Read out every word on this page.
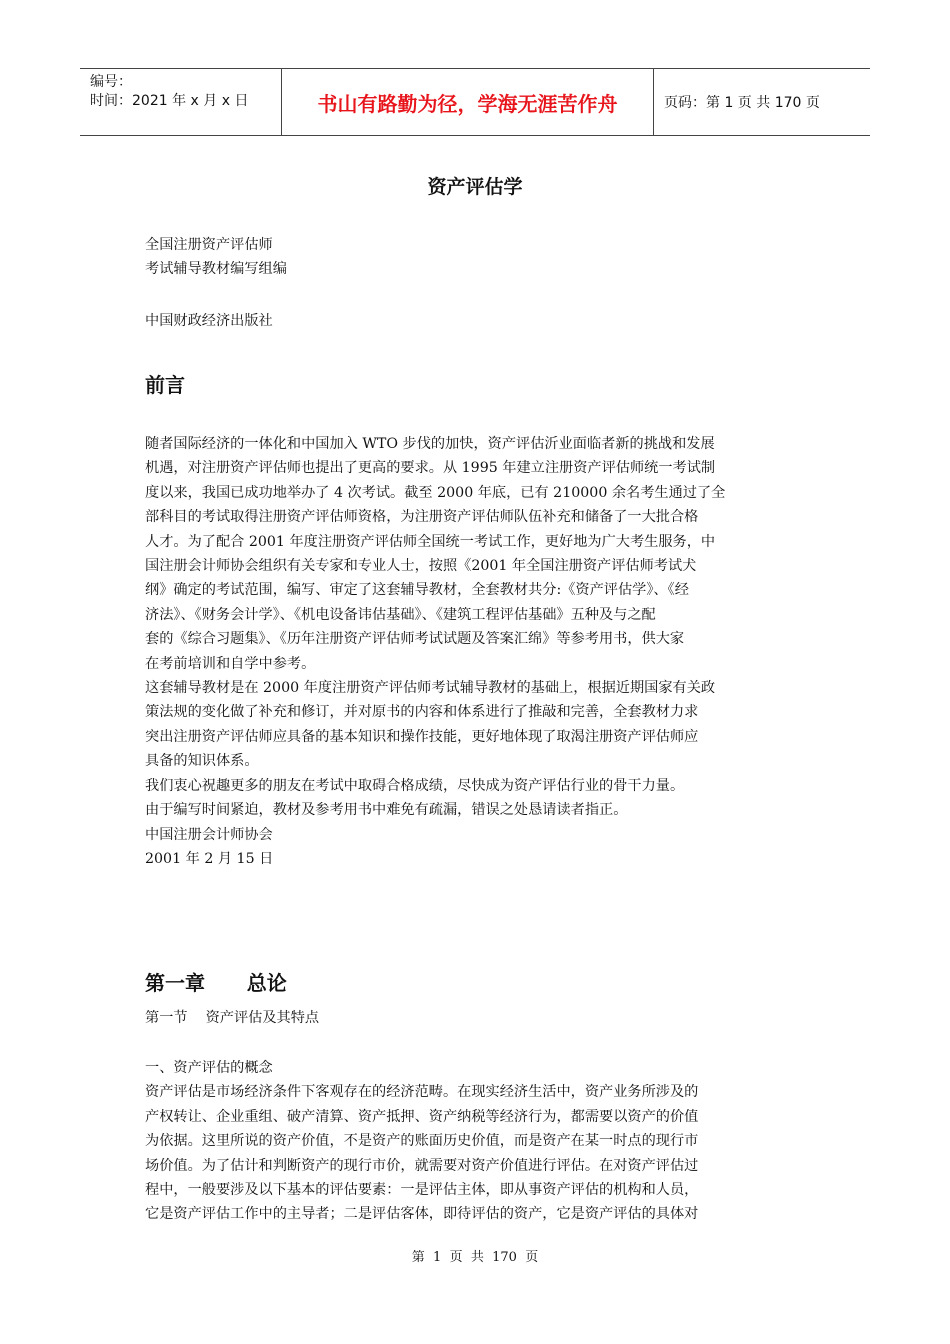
编号：
时间：2021 年 x 月 x 日	书山有路勤为径，学海无涯苦作舟	页码：第 1 页 共 170 页
资产评估学
全国注册资产评估师
考试辅导教材编写组编
中国财政经济出版社
前言
随者国际经济的一体化和中国加入 WTO 步伐的加快，资产评估沂业面临者新的挑战和发展
机遇，对注册资产评估师也提出了更高的要求。从 1995 年建立注册资产评估师统一考试制
度以来，我国已成功地举办了 4 次考试。截至 2000 年底，已有 210000 余名考生通过了全
部科目的考试取得注册资产评估师资格，为注册资产评估师队伍补充和储备了一大批合格
人才。为了配合 2001 年度注册资产评估师全国统一考试工作，更好地为广大考生服务，中
国注册会计师协会组织有关专家和专业人士，按照《2001 年全国注册资产评估师考试犬
纲》确定的考试范围，编写、审定了这套辅导教材，全套教材共分:《资产评估学》、《经
济法》、《财务会计学》、《机电设备讳估基础》、《建筑工程评估基础》五种及与之配
套的《综合习题集》、《历年注册资产评估师考试试题及答案汇绵》等参考用书，供大家
在考前培训和自学中参考。
这套辅导教材是在 2000 年度注册资产评估师考试辅导教材的基础上，根据近期国家有关政
策法规的变化做了补充和修订，并对原书的内容和体系进行了推敲和完善，全套教材力求
突出注册资产评估师应具备的基本知识和操作技能，更好地体现了取渴注册资产评估师应
具备的知识体系。
我们衷心祝趣更多的朋友在考试中取碍合格成绩，尽快成为资产评估行业的骨干力量。
由于编写时间紧迫，教材及参考用书中难免有疏漏，错误之处恳请读者指正。
中国注册会计师协会
2001 年 2 月 15 日
第一章      总论
第一节    资产评估及其特点
一、资产评估的概念
资产评估是市场经济条件下客观存在的经济范畴。在现实经济生活中，资产业务所涉及的
产权转让、企业重组、破产清算、资产抵押、资产纳税等经济行为，都需要以资产的价值
为依据。这里所说的资产价值，不是资产的账面历史价值，而是资产在某一时点的现行市
场价值。为了估计和判断资产的现行市价，就需要对资产价值进行评估。在对资产评估过
程中，一般要涉及以下基本的评估要素：一是评估主体，即从事资产评估的机构和人员，
它是资产评估工作中的主导者；二是评估客体，即待评估的资产，它是资产评估的具体对
第  1  页  共  170  页
